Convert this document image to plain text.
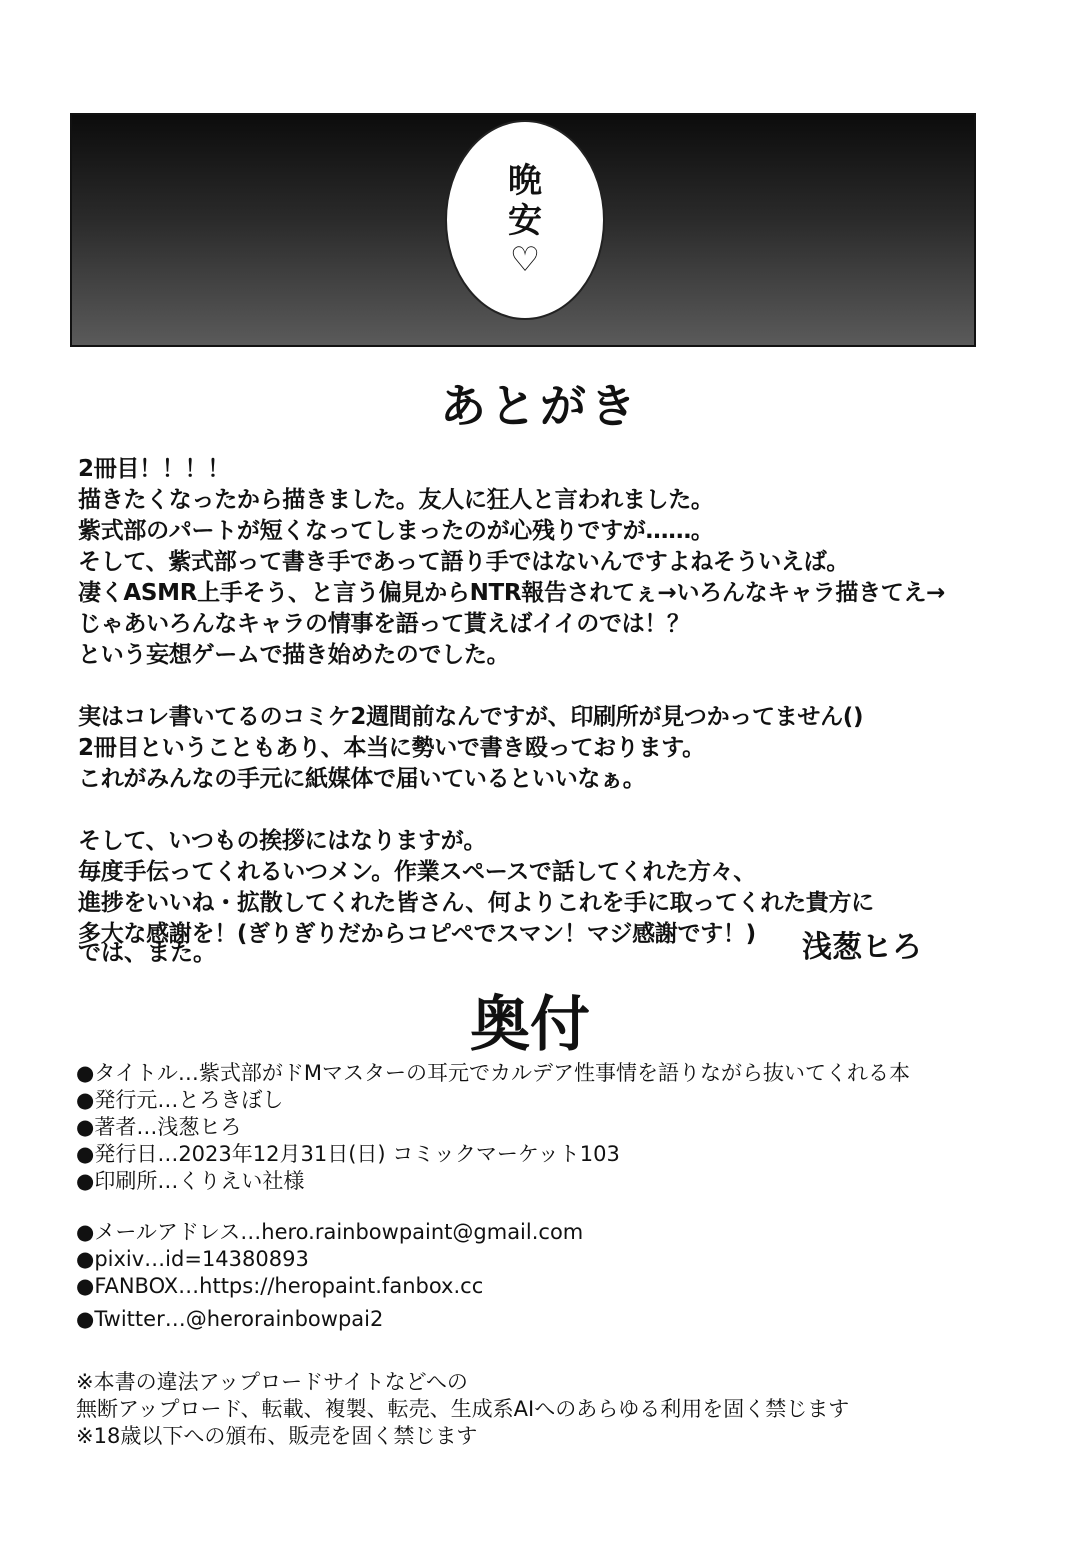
晩
安
♡
あとがき

2冊目！！！！

描きたくなったから描きました。友人に狂人と言われました。

紫式部のパートが短くなってしまったのが心残りですが……。

そして、紫式部って書き手であって語り手ではないんですよねそういえば。

凄くASMR上手そう、と言う偏見からNTR報告されてぇ→いろんなキャラ描きてえ→

じゃあいろんなキャラの情事を語って貰えばイイのでは！？

という妄想ゲームで描き始めたのでした。

実はコレ書いてるのコミケ2週間前なんですが、印刷所が見つかってません()

2冊目ということもあり、本当に勢いで書き殴っております。

これがみんなの手元に紙媒体で届いているといいなぁ。

そして、いつもの挨拶にはなりますが。

毎度手伝ってくれるいつメン。作業スペースで話してくれた方々、

進捗をいいね・拡散してくれた皆さん、何よりこれを手に取ってくれた貴方に

多大な感謝を！(ぎりぎりだからコピペでスマン！マジ感謝です！)

では、また。	浅葱ヒろ
奥付

●タイトル…紫式部がドMマスターの耳元でカルデア性事情を語りながら抜いてくれる本

●発行元…とろきぼし

●著者…浅葱ヒろ

●発行日…2023年12月31日(日) コミックマーケット103

●印刷所…くりえい社様

●メールアドレス…hero.rainbowpaint@gmail.com

●pixiv…id=14380893

●FANBOX…https://heropaint.fanbox.cc

●Twitter…@herorainbowpai2

※本書の違法アップロードサイトなどへの

無断アップロード、転載、複製、転売、生成系AIへのあらゆる利用を固く禁じます

※18歳以下への頒布、販売を固く禁じます
